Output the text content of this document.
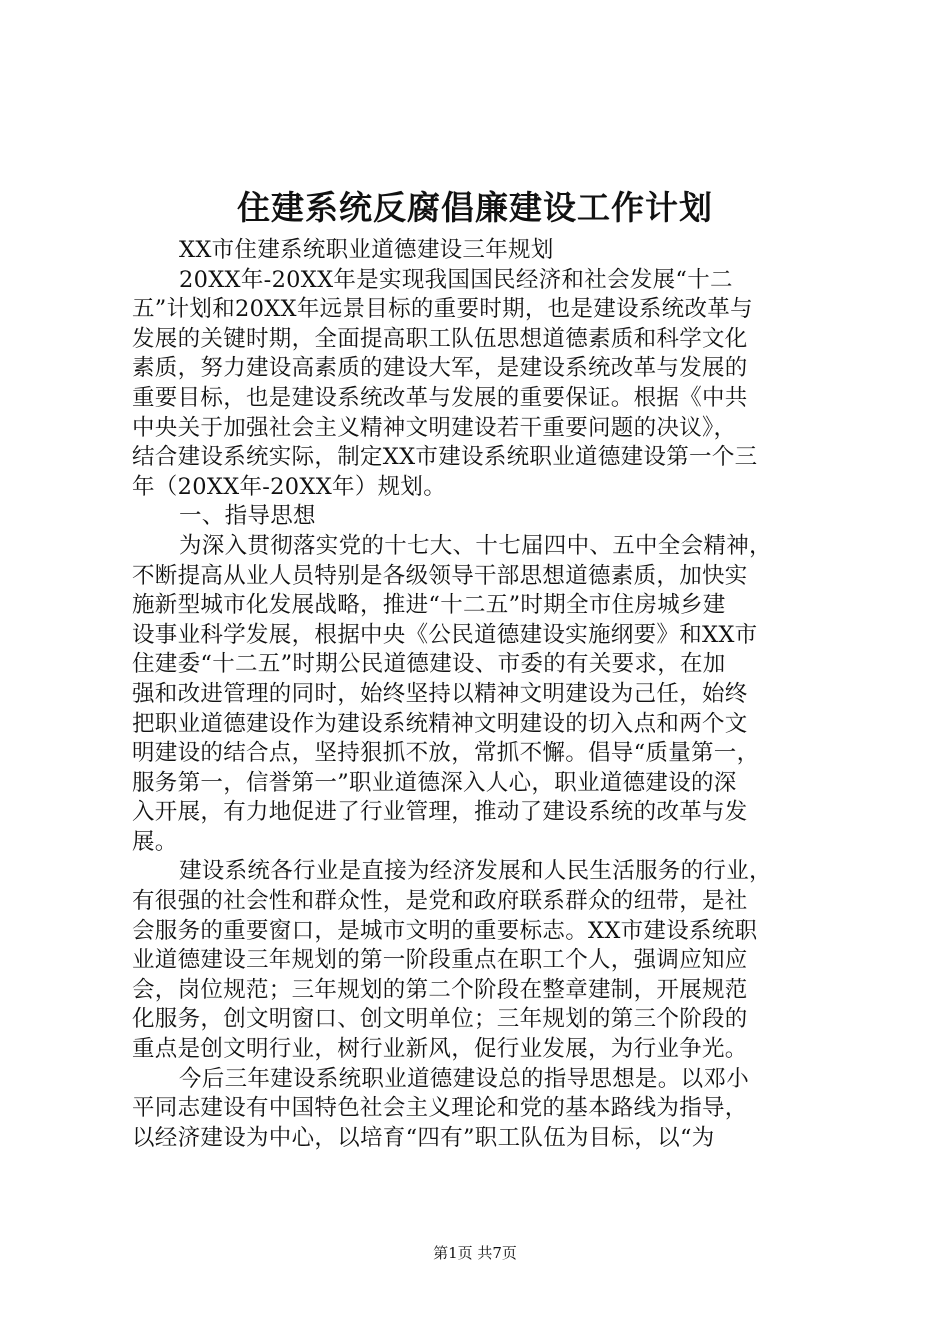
住建系统反腐倡廉建设工作计划
XX市住建系统职业道德建设三年规划
20XX年-20XX年是实现我国国民经济和社会发展“十二
五”计划和20XX年远景目标的重要时期，也是建设系统改革与
发展的关键时期，全面提高职工队伍思想道德素质和科学文化
素质，努力建设高素质的建设大军，是建设系统改革与发展的
重要目标，也是建设系统改革与发展的重要保证。根据《中共
中央关于加强社会主义精神文明建设若干重要问题的决议》，
结合建设系统实际，制定XX市建设系统职业道德建设第一个三
年（20XX年-20XX年）规划。
一、指导思想
为深入贯彻落实党的十七大、十七届四中、五中全会精神，
不断提高从业人员特别是各级领导干部思想道德素质，加快实
施新型城市化发展战略，推进“十二五”时期全市住房城乡建
设事业科学发展，根据中央《公民道德建设实施纲要》和XX市
住建委“十二五”时期公民道德建设、市委的有关要求，在加
强和改进管理的同时，始终坚持以精神文明建设为己任，始终
把职业道德建设作为建设系统精神文明建设的切入点和两个文
明建设的结合点，坚持狠抓不放，常抓不懈。倡导“质量第一，
服务第一，信誉第一”职业道德深入人心，职业道德建设的深
入开展，有力地促进了行业管理，推动了建设系统的改革与发
展。
建设系统各行业是直接为经济发展和人民生活服务的行业，
有很强的社会性和群众性，是党和政府联系群众的纽带，是社
会服务的重要窗口，是城市文明的重要标志。XX市建设系统职
业道德建设三年规划的第一阶段重点在职工个人，强调应知应
会，岗位规范；三年规划的第二个阶段在整章建制，开展规范
化服务，创文明窗口、创文明单位；三年规划的第三个阶段的
重点是创文明行业，树行业新风，促行业发展，为行业争光。
今后三年建设系统职业道德建设总的指导思想是。以邓小
平同志建设有中国特色社会主义理论和党的基本路线为指导，
以经济建设为中心，以培育“四有”职工队伍为目标，以“为
第1页 共7页
